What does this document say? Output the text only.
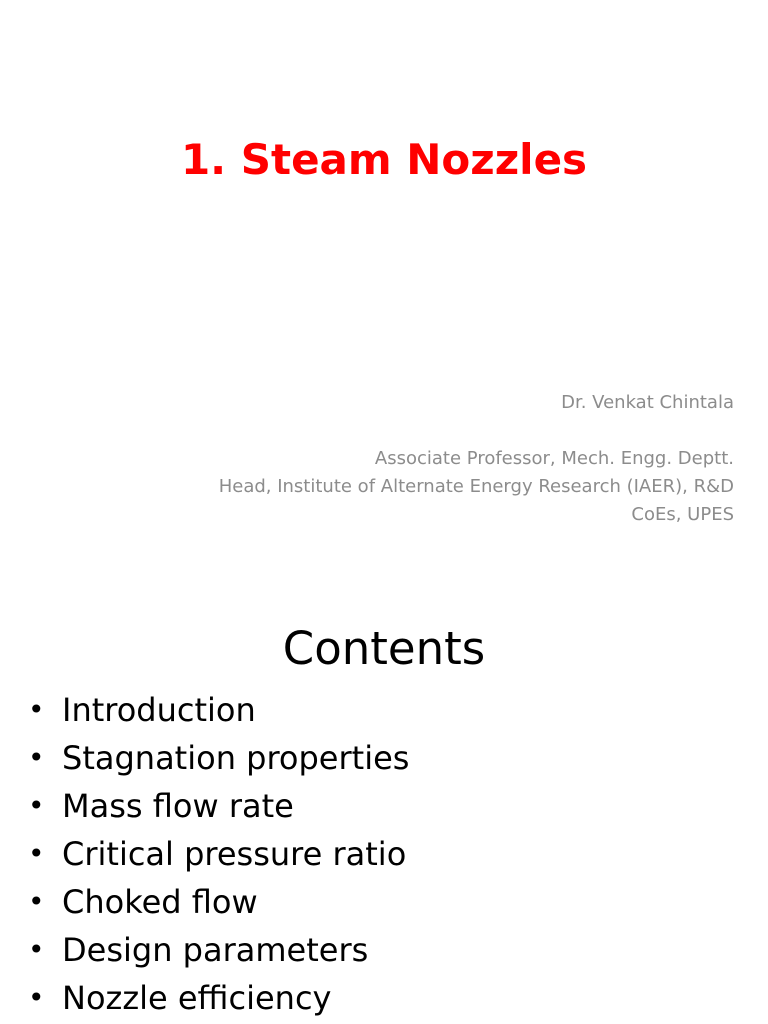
1. Steam Nozzles
Dr. Venkat Chintala
Associate Professor, Mech. Engg. Deptt.
Head, Institute of Alternate Energy Research (IAER), R&D
CoEs, UPES
Contents
• Introduction
• Stagnation properties
• Mass flow rate
• Critical pressure ratio
• Choked flow
• Design parameters
• Nozzle efficiency
